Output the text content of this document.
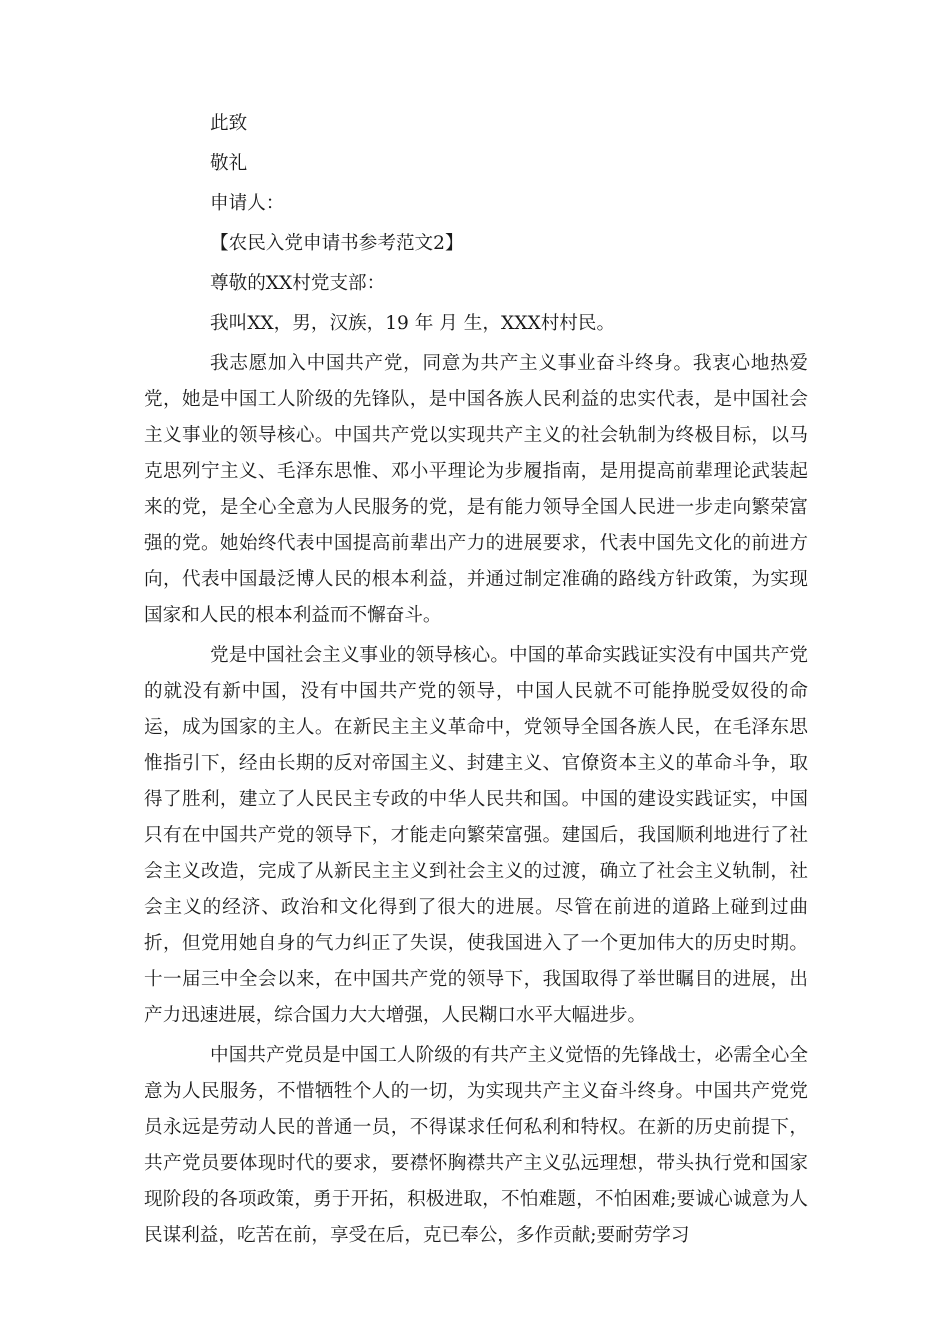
此致

敬礼

申请人：

【农民入党申请书参考范文2】

尊敬的XX村党支部：

我叫XX，男，汉族，19 年 月 生，XXX村村民。

我志愿加入中国共产党，同意为共产主义事业奋斗终身。我衷心地热爱党，她是中国工人阶级的先锋队，是中国各族人民利益的忠实代表，是中国社会主义事业的领导核心。中国共产党以实现共产主义的社会轨制为终极目标，以马克思列宁主义、毛泽东思惟、邓小平理论为步履指南，是用提高前辈理论武装起来的党，是全心全意为人民服务的党，是有能力领导全国人民进一步走向繁荣富强的党。她始终代表中国提高前辈出产力的进展要求，代表中国先文化的前进方向，代表中国最泛博人民的根本利益，并通过制定准确的路线方针政策，为实现国家和人民的根本利益而不懈奋斗。

党是中国社会主义事业的领导核心。中国的革命实践证实没有中国共产党的就没有新中国，没有中国共产党的领导，中国人民就不可能挣脱受奴役的命运，成为国家的主人。在新民主主义革命中，党领导全国各族人民，在毛泽东思惟指引下，经由长期的反对帝国主义、封建主义、官僚资本主义的革命斗争，取得了胜利，建立了人民民主专政的中华人民共和国。中国的建设实践证实，中国只有在中国共产党的领导下，才能走向繁荣富强。建国后，我国顺利地进行了社会主义改造，完成了从新民主主义到社会主义的过渡，确立了社会主义轨制，社会主义的经济、政治和文化得到了很大的进展。尽管在前进的道路上碰到过曲折，但党用她自身的气力纠正了失误，使我国进入了一个更加伟大的历史时期。十一届三中全会以来，在中国共产党的领导下，我国取得了举世瞩目的进展，出产力迅速进展，综合国力大大增强，人民糊口水平大幅进步。

中国共产党员是中国工人阶级的有共产主义觉悟的先锋战士，必需全心全意为人民服务，不惜牺牲个人的一切，为实现共产主义奋斗终身。中国共产党党员永远是劳动人民的普通一员，不得谋求任何私利和特权。在新的历史前提下，共产党员要体现时代的要求，要襟怀胸襟共产主义弘远理想，带头执行党和国家现阶段的各项政策，勇于开拓，积极进取，不怕难题，不怕困难;要诚心诚意为人民谋利益，吃苦在前，享受在后，克已奉公，多作贡献;要耐劳学习
